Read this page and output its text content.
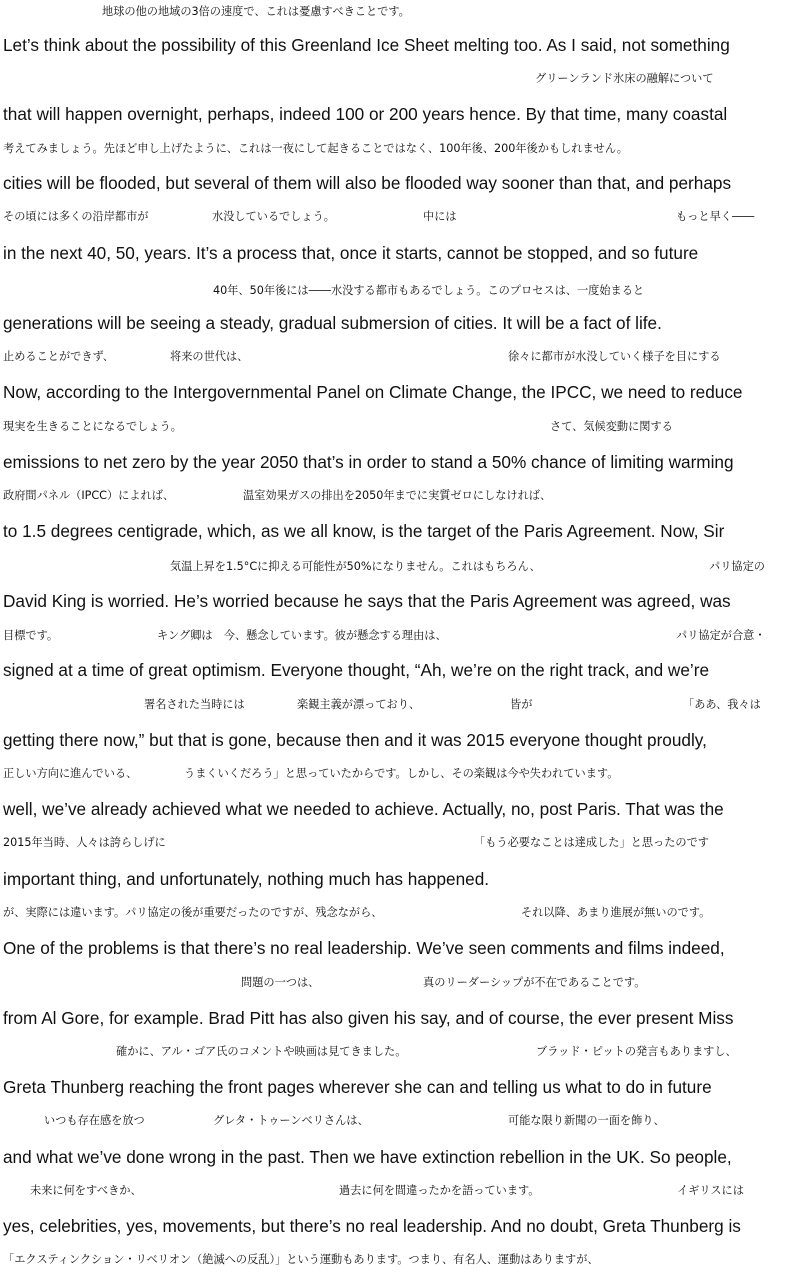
地球の他の地域の3倍の速度で、これは憂慮すべきことです。
Let’s think about the possibility of this Greenland Ice Sheet melting too. As I said, not something
グリーンランド氷床の融解について
that will happen overnight, perhaps, indeed 100 or 200 years hence. By that time, many coastal
考えてみましょう。先ほど申し上げたように、これは一夜にして起きることではなく、100年後、200年後かもしれません。
cities will be flooded, but several of them will also be flooded way sooner than that, and perhaps
その頃には多くの沿岸都市が	水没しているでしょう。	中には	もっと早く――
in the next 40, 50, years. It’s a process that, once it starts, cannot be stopped, and so future
40年、50年後には――水没する都市もあるでしょう。このプロセスは、一度始まると
generations will be seeing a steady, gradual submersion of cities. It will be a fact of life.
止めることができず、	将来の世代は、	徐々に都市が水没していく様子を目にする
Now, according to the Intergovernmental Panel on Climate Change, the IPCC, we need to reduce
現実を生きることになるでしょう。	さて、気候変動に関する
emissions to net zero by the year 2050 that’s in order to stand a 50% chance of limiting warming
政府間パネル（IPCC）によれば、	温室効果ガスの排出を2050年までに実質ゼロにしなければ、
to 1.5 degrees centigrade, which, as we all know, is the target of the Paris Agreement. Now, Sir
気温上昇を1.5°Cに抑える可能性が50%になりません。これはもちろん、	パリ協定の
David King is worried. He’s worried because he says that the Paris Agreement was agreed, was
目標です。	キング卿は　今、懸念しています。彼が懸念する理由は、	パリ協定が合意・
signed at a time of great optimism. Everyone thought, “Ah, we’re on the right track, and we’re
署名された当時には	楽観主義が漂っており、	皆が	「ああ、我々は
getting there now,” but that is gone, because then and it was 2015 everyone thought proudly,
正しい方向に進んでいる、	うまくいくだろう」と思っていたからです。しかし、その楽観は今や失われています。
well, we’ve already achieved what we needed to achieve. Actually, no, post Paris. That was the
2015年当時、人々は誇らしげに	「もう必要なことは達成した」と思ったのです
important thing, and unfortunately, nothing much has happened.
が、実際には違います。パリ協定の後が重要だったのですが、残念ながら、	それ以降、あまり進展が無いのです。
One of the problems is that there’s no real leadership. We’ve seen comments and films indeed,
問題の一つは、	真のリーダーシップが不在であることです。
from Al Gore, for example. Brad Pitt has also given his say, and of course, the ever present Miss
確かに、アル・ゴア氏のコメントや映画は見てきました。	ブラッド・ピットの発言もありますし、
Greta Thunberg reaching the front pages wherever she can and telling us what to do in future
いつも存在感を放つ	グレタ・トゥーンベリさんは、	可能な限り新聞の一面を飾り、
and what we’ve done wrong in the past. Then we have extinction rebellion in the UK. So people,
未来に何をすべきか、	過去に何を間違ったかを語っています。	イギリスには
yes, celebrities, yes, movements, but there’s no real leadership. And no doubt, Greta Thunberg is
「エクスティンクション・リベリオン（絶滅への反乱）」という運動もあります。つまり、有名人、運動はありますが、
